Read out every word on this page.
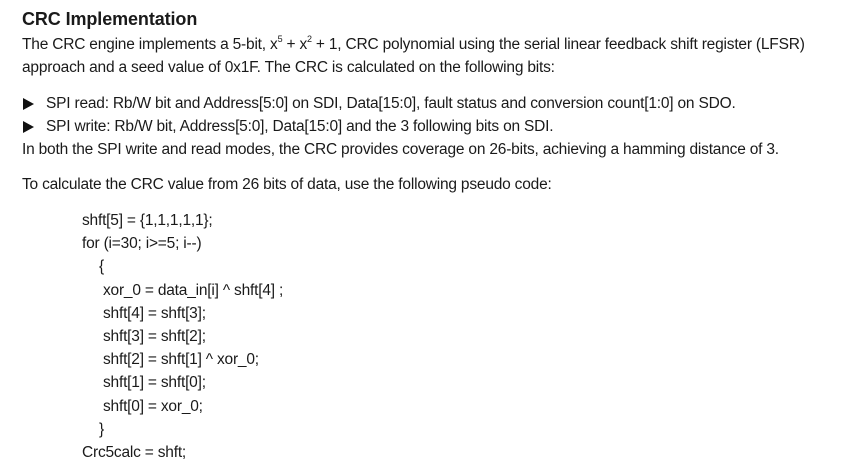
CRC Implementation

The CRC engine implements a 5-bit, $x^5 + x^2 + 1$, CRC polynomial using the serial linear feedback shift register (LFSR)

approach and a seed value of 0x1F. The CRC is calculated on the following bits:

SPI read: Rb/W bit and Address[5:0] on SDI, Data[15:0], fault status and conversion count[1:0] on SDO.
SPI write: Rb/W bit, Address[5:0], Data[15:0] and the 3 following bits on SDI.

In both the SPI write and read modes, the CRC provides coverage on 26-bits, achieving a hamming distance of 3.

To calculate the CRC value from 26 bits of data, use the following pseudo code:

shft[5] = {1,1,1,1,1};
for (i=30; i>=5; i--)
{
xor_0 = data_in[i] ^ shft[4] ;
shft[4] = shft[3];
shft[3] = shft[2];
shft[2] = shft[1] ^ xor_0;
shft[1] = shft[0];
shft[0] = xor_0;
}
Crc5calc = shft;
